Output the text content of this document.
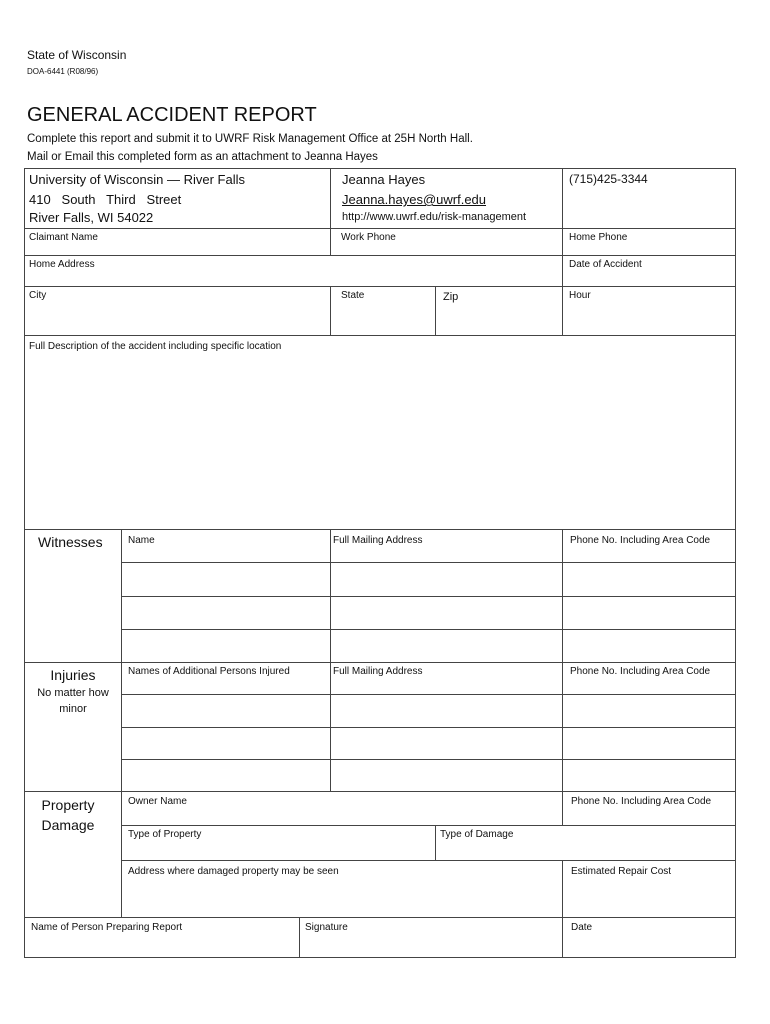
State of Wisconsin
DOA-6441 (R08/96)
GENERAL ACCIDENT REPORT
Complete this report and submit it to UWRF Risk Management Office at 25H North Hall.
Mail or Email this completed form as an attachment to Jeanna Hayes
University of Wisconsin — River Falls
410   South   Third   Street
River Falls, WI 54022
Jeanna Hayes
Jeanna.hayes@uwrf.edu
http://www.uwrf.edu/risk-management
(715)425-3344
Claimant Name	Work Phone	Home Phone
Home Address	Date of Accident
City	State	Zip	Hour
Full Description of the accident including specific location
Witnesses	Name	Full Mailing Address	Phone No. Including Area Code
Injuries
No matter how
minor
Names of Additional Persons Injured	Full Mailing Address	Phone No. Including Area Code
Property
Damage
Owner Name	Phone No. Including Area Code
Type of Property	Type of Damage
Address where damaged property may be seen	Estimated Repair Cost
Name of Person Preparing Report	Signature	Date
